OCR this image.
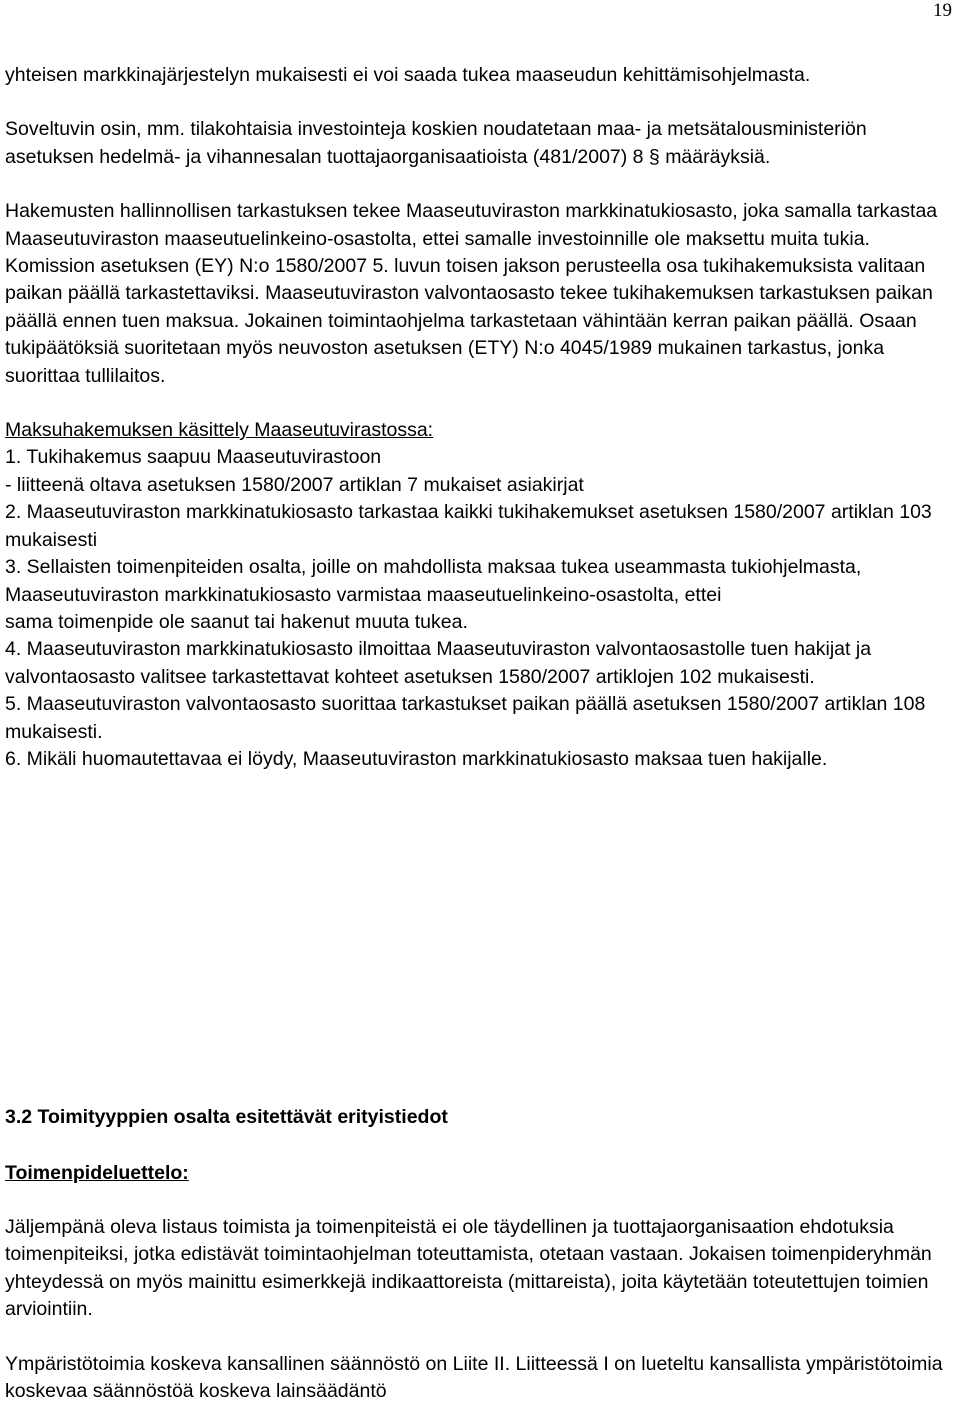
19

yhteisen markkinajärjestelyn mukaisesti ei voi saada tukea maaseudun kehittämisohjelmasta.

Soveltuvin osin, mm. tilakohtaisia investointeja koskien noudatetaan maa- ja metsätalousministeriön asetuksen hedelmä- ja vihannesalan tuottajaorganisaatioista (481/2007) 8 § määräyksiä.

Hakemusten hallinnollisen tarkastuksen tekee Maaseutuviraston markkinatukiosasto, joka samalla tarkastaa Maaseutuviraston maaseutuelinkeino-osastolta, ettei samalle investoinnille ole maksettu muita tukia. Komission asetuksen (EY) N:o 1580/2007 5. luvun toisen jakson perusteella osa tukihakemuksista valitaan paikan päällä tarkastettaviksi. Maaseutuviraston valvontaosasto tekee tukihakemuksen tarkastuksen paikan päällä ennen tuen maksua. Jokainen toimintaohjelma tarkastetaan vähintään kerran paikan päällä. Osaan tukipäätöksiä suoritetaan myös neuvoston asetuksen (ETY) N:o 4045/1989 mukainen tarkastus, jonka suorittaa tullilaitos.

Maksuhakemuksen käsittely Maaseutuvirastossa:

1. Tukihakemus saapuu Maaseutuvirastoon

- liitteenä oltava asetuksen 1580/2007 artiklan 7 mukaiset asiakirjat

2. Maaseutuviraston markkinatukiosasto tarkastaa kaikki tukihakemukset asetuksen 1580/2007 artiklan 103 mukaisesti

3. Sellaisten toimenpiteiden osalta, joille on mahdollista maksaa tukea useammasta tukiohjelmasta, Maaseutuviraston markkinatukiosasto varmistaa maaseutuelinkeino-osastolta, ettei

sama toimenpide ole saanut tai hakenut muuta tukea.

4. Maaseutuviraston markkinatukiosasto ilmoittaa Maaseutuviraston valvontaosastolle tuen hakijat ja valvontaosasto valitsee tarkastettavat kohteet asetuksen 1580/2007 artiklojen 102 mukaisesti.

5. Maaseutuviraston valvontaosasto suorittaa tarkastukset paikan päällä asetuksen 1580/2007 artiklan 108 mukaisesti.

6. Mikäli huomautettavaa ei löydy, Maaseutuviraston markkinatukiosasto maksaa tuen hakijalle.

3.2 Toimityyppien osalta esitettävät erityistiedot

Toimenpideluettelo:

Jäljempänä oleva listaus toimista ja toimenpiteistä ei ole täydellinen ja tuottajaorganisaation ehdotuksia toimenpiteiksi, jotka edistävät toimintaohjelman toteuttamista, otetaan vastaan. Jokaisen toimenpideryhmän yhteydessä on myös mainittu esimerkkejä indikaattoreista (mittareista), joita käytetään toteutettujen toimien arviointiin.

Ympäristötoimia koskeva kansallinen säännöstö on Liite II. Liitteessä I on lueteltu kansallista ympäristötoimia koskevaa säännöstöä koskeva lainsäädäntö
